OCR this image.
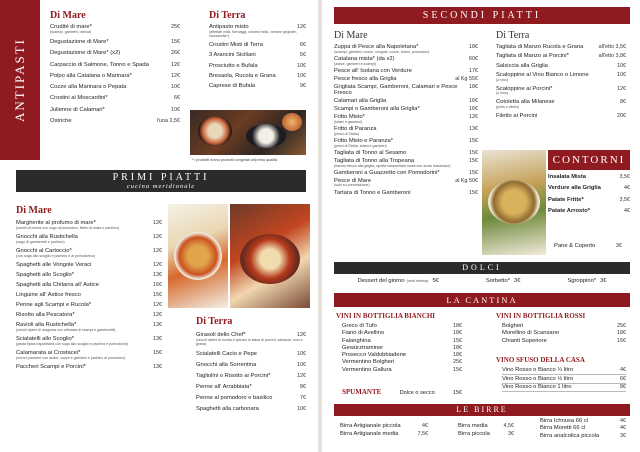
ANTIPASTI
Di Mare
Crudité di mare*	25€
(scampi, gamberi, ostrica)
Degustazione di Mare*	15€
Degustazione di Mare* (x2)	26€
Carpaccio di Salmone, Tonno e Spada	12€
Polpo alla Catalana o Marinara*	12€
Cozze alla Marinara o Pepata	10€
Crostini ai Moscardini*	6€
Julienne di Calamari*	10€
Ostriche	l'una 2,5€
Di Terra
Antipasto misto	12€
(affettati misti, formaggi, crostini misti, verdure grigliate, mozzarella*)
Crostini Misti di Terra	6€
3 Arancini Siciliani	5€
Prosciutto e Bufala	10€
Bresaola, Rucola e Grana	10€
Caprese di Bufala	9€
* i prodotti erano prodotti congelati all'prima qualità
PRIMI PIATTI
cucina meridionale
Di Mare
Margherite al profumo di mare*	12€
(ravioli di cernia con sugo di pomodoro, filetto di orata e pachino)
Gnocchi alla Rustichella	12€
(sugo di gamberetti e pachino)
Gnocchi al Cartoccio*	12€
(con sugo allo scoglio e pachino e al pomodorino)
Spaghetti alle Vongole Veraci	12€
Spaghetti allo Scoglio*	13€
Spaghetti alla Chitarra all' Astice	16€
Linguine all' Astice fresco	15€
Penne agli Scampi e Rucola*	12€
Risotto alla Pescatora*	12€
Ravioli alla Rustichella*	13€
(ravioli ripieni di aragosta con vellutata di scampi e gamberetti)
Scialatelli allo Scoglio*	13€
(pasta tipica napoletana con sugo allo scoglio e pachino e pomodorini)
Calamarata ai Crostacei*	15€
(mezzi paccheri con astice, cozze e gamberi e pachino al pomodoro)
Paccheri Scampi e Porcini*	13€
Di Terra
Girasoli dello Chef*	12€
(ravioli ripieni di ricotta e spinaci in salsa di porcini, salsiccia, noci e grana)
Scialatelli Cacio e Pepe	10€
Gnocchi alla Sorrentina	10€
Tagliolini o Risotto ai Porcini*	12€
Penne all' Arrabbiata*	8€
Penne al pomodoro e basilico	7€
Spaghetti alla carbonara	10€
SECONDI PIATTI
Di Mare
Zuppa di Pesce alla Napoletana*	18€
(scampi, gamberi, cozze, vongole, cozze, totani, pomodoro)
Catalana mista* (da x2)	60€
(astice, gamberi e scampi)
Pesce all' Isolana con Verdure	17€
Pesce fresco alla Griglia	al Kg 55€
Grigliata Scampi, Gamberoni, Calamari e Pesce Fresco
18€
Calamari alla Griglia	16€
Scampi o Gamberoni alla Griglia*	16€
Fritto Misto*	12€
(totani e gamberi)
Fritto di Paranza	13€
(pesci di Sicilia)
Fritto Misto e Paranza*	15€
(pesci di Sicilia, totani e gamberi)
Tagliata di Tonno al Sesamo	15€
Tagliata di Tonno alla Tropeana	15€
(trancio fresco alla griglia, cipolla caramellata rossa con aceto balsamico)
Gamberoni a Guazzetto con Pomodorini*	15€
Pesce di Mare	al Kg 50€
(solo su prenotazione)
Tartara di Tonno e Gamberoni	15€
Di Terra
Tagliata di Manzo Rucola e Grana	all'etto 3,5€
Tagliata di Manzo ai Porcini*	all'etto 3,8€
Salsiccia alla Griglia	10€
Scaloppine al Vino Bianco o Limone	10€
(o vino)
Scaloppine ai Porcini*	12€
(o vino)
Cotoletta alla Milanese	8€
(pollo o vitello)
Filetto ai Porcini	20€
CONTORNI
Insalata Mista	3,5€
Verdure alla Griglia	4€
Patate Fritte*	3,5€
Patate Arrosto*	4€
Pane & Coperto	3€
DOLCI
Dessert del giorno (vedi vetrina) 5€	Sorbetto* 3€	Sgroppino* 3€
LA CANTINA
VINI IN BOTTIGLIA BIANCHI
Greco di Tufo	18€
Fiano di Avellino	18€
Falanghina	15€
Gewürztraminer	18€
Prosecco Valdobbiadene	18€
Vermentino Bolgheri	25€
Vermentino Gallura	15€
SPUMANTE	Dolce o secco	15€
VINI IN BOTTIGLIA ROSSI
Bolgheri	25€
Morellino di Scansano	18€
Chianti Superiore	15€
VINO SFUSO DELLA CASA
Vino Rosso o Bianco ¼ litro	4€
Vino Rosso o Bianco ½ litro	6€
Vino Rosso o Bianco 1 litro	8€
LE BIRRE
Birra Artigianale piccola	4€
Birra Artigianale media	7,5€
Birra media	4,5€
Birra piccola	3€
Birra Ichnusa 66 cl	4€
Birra Moretti 66 cl	4€
Birra analcolica piccola	3€
